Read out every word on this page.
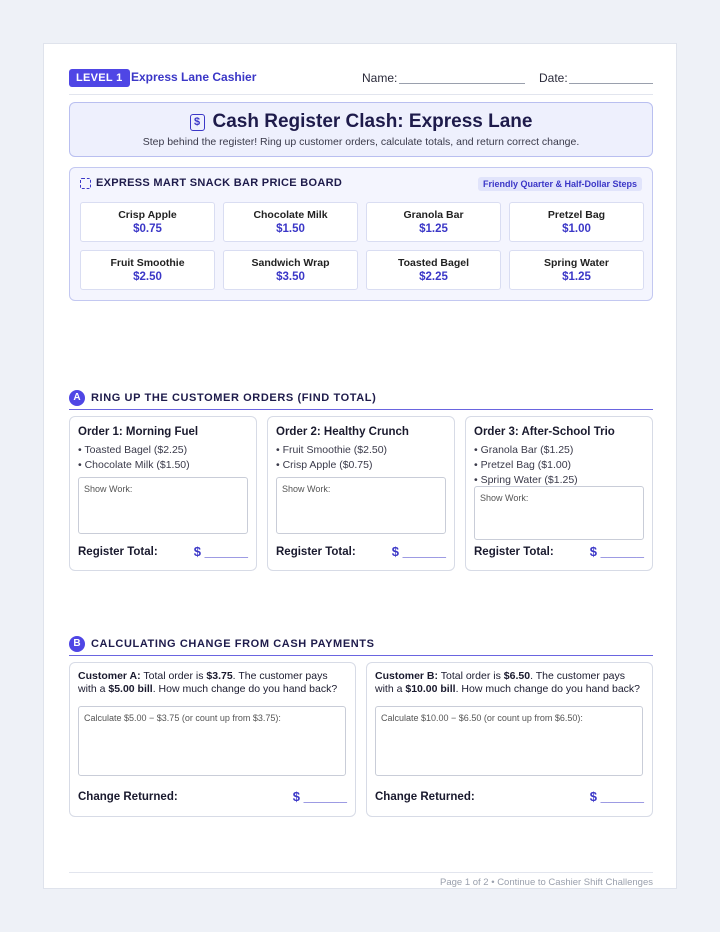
LEVEL 1 Express Lane Cashier	Name:	Date:
$ Cash Register Clash: Express Lane
Step behind the register! Ring up customer orders, calculate totals, and return correct change.
EXPRESS MART SNACK BAR PRICE BOARD	Friendly Quarter & Half-Dollar Steps
Crisp Apple
$0.75
Chocolate Milk
$1.50
Granola Bar
$1.25
Pretzel Bag
$1.00
Fruit Smoothie
$2.50
Sandwich Wrap
$3.50
Toasted Bagel
$2.25
Spring Water
$1.25
A RING UP THE CUSTOMER ORDERS (FIND TOTAL)
Order 1: Morning Fuel
• Toasted Bagel ($2.25)
• Chocolate Milk ($1.50)
Show Work:
Register Total:	$ ______
Order 2: Healthy Crunch
• Fruit Smoothie ($2.50)
• Crisp Apple ($0.75)
Show Work:
Register Total:	$ ______
Order 3: After-School Trio
• Granola Bar ($1.25)
• Pretzel Bag ($1.00)
• Spring Water ($1.25)
Show Work:
Register Total:	$ ______
B CALCULATING CHANGE FROM CASH PAYMENTS
Customer A: Total order is $3.75. The customer pays with a $5.00 bill. How much change do you hand back?
Calculate $5.00 − $3.75 (or count up from $3.75):
Change Returned:	$ ______
Customer B: Total order is $6.50. The customer pays with a $10.00 bill. How much change do you hand back?
Calculate $10.00 − $6.50 (or count up from $6.50):
Change Returned:	$ ______
Page 1 of 2 • Continue to Cashier Shift Challenges
